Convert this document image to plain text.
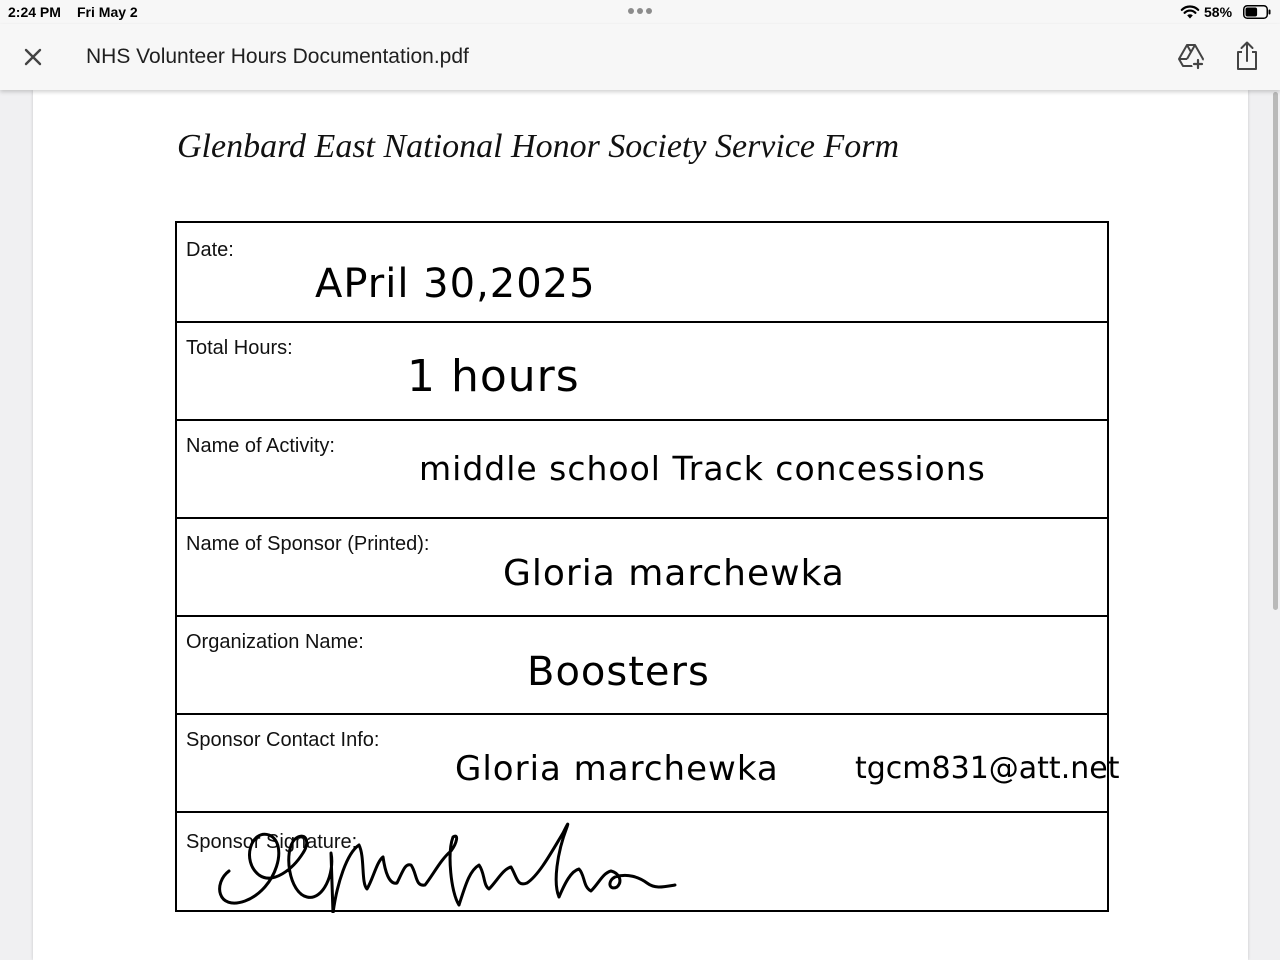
2:24 PM Fri May 2	58%
NHS Volunteer Hours Documentation.pdf
Glenbard East National Honor Society Service Form
Date:
APril 30,2025
Total Hours:
1 hours
Name of Activity:
middle school Track concessions
Name of Sponsor (Printed):
Gloria marchewka
Organization Name:
Boosters
Sponsor Contact Info:
Gloria marchewka	tgcm831@att.net
Sponsor Signature:
